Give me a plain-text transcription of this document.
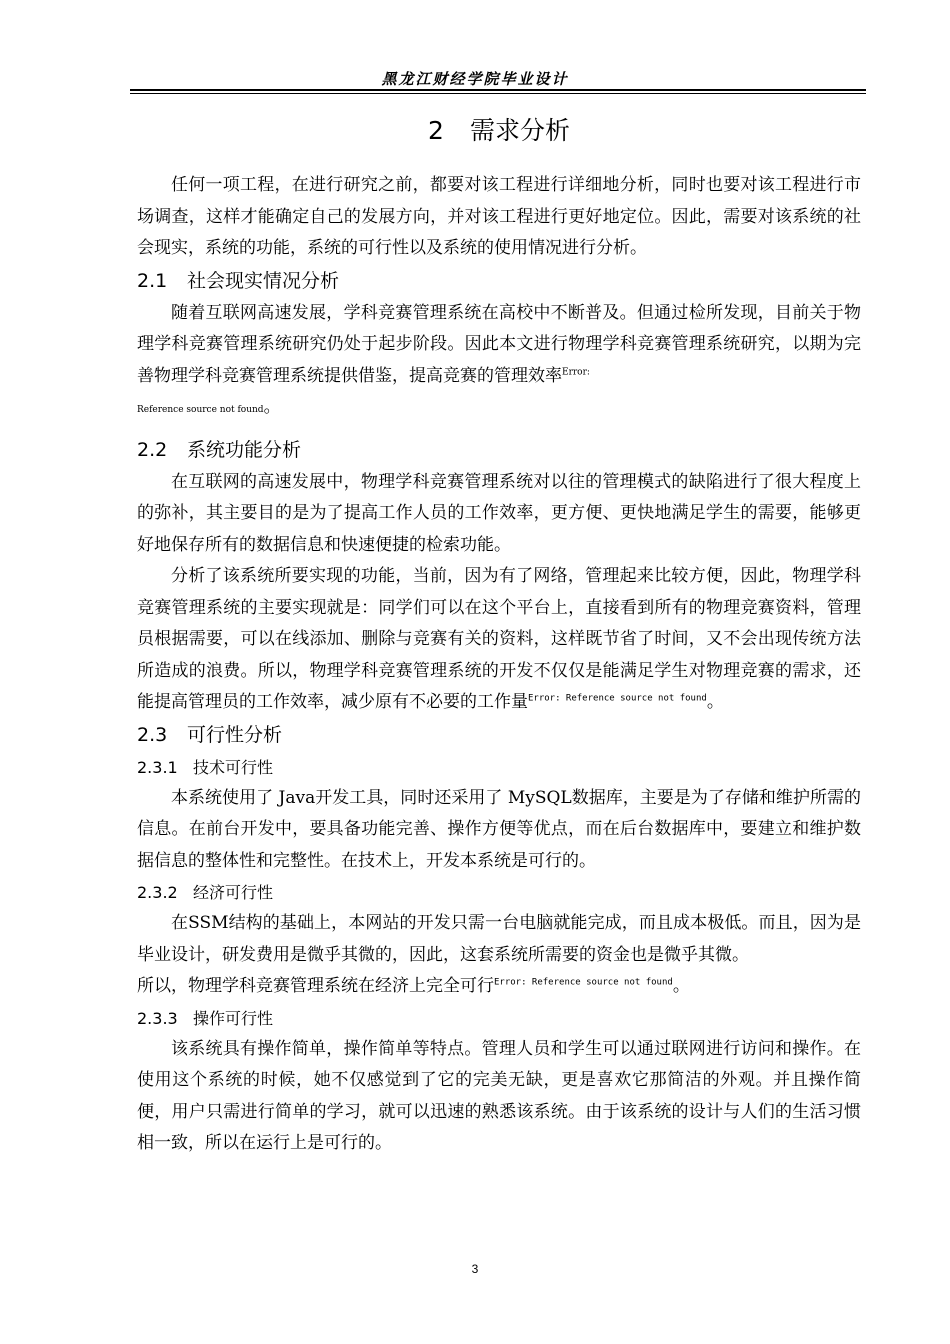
黑龙江财经学院毕业设计
2 需求分析

任何一项工程，在进行研究之前，都要对该工程进行详细地分析，同时也要对该工程进行市场调查，这样才能确定自己的发展方向，并对该工程进行更好地定位。因此，需要对该系统的社会现实，系统的功能，系统的可行性以及系统的使用情况进行分析。

2.1 社会现实情况分析

随着互联网高速发展，学科竞赛管理系统在高校中不断普及。但通过检所发现，目前关于物理学科竞赛管理系统研究仍处于起步阶段。因此本文进行物理学科竞赛管理系统研究，以期为完善物理学科竞赛管理系统提供借鉴，提高竞赛的管理效率$^{Error:}$
Reference source not found。

2.2 系统功能分析

在互联网的高速发展中，物理学科竞赛管理系统对以往的管理模式的缺陷进行了很大程度上的弥补，其主要目的是为了提高工作人员的工作效率，更方便、更快地满足学生的需要，能够更好地保存所有的数据信息和快速便捷的检索功能。

分析了该系统所要实现的功能，当前，因为有了网络，管理起来比较方便，因此，物理学科竞赛管理系统的主要实现就是：同学们可以在这个平台上，直接看到所有的物理竞赛资料，管理员根据需要，可以在线添加、删除与竞赛有关的资料，这样既节省了时间，又不会出现传统方法所造成的浪费。所以，物理学科竞赛管理系统的开发不仅仅是能满足学生对物理竞赛的需求，还能提高管理员的工作效率，减少原有不必要的工作量$^{Error: Reference source not found}$。

2.3 可行性分析
2.3.1 技术可行性

本系统使用了 Java开发工具，同时还采用了 MySQL数据库，主要是为了存储和维护所需的信息。在前台开发中，要具备功能完善、操作方便等优点，而在后台数据库中，要建立和维护数据信息的整体性和完整性。在技术上，开发本系统是可行的。

2.3.2 经济可行性

在SSM结构的基础上，本网站的开发只需一台电脑就能完成，而且成本极低。而且，因为是毕业设计，研发费用是微乎其微的，因此，这套系统所需要的资金也是微乎其微。

所以，物理学科竞赛管理系统在经济上完全可行$^{Error: Reference source not found}$。

2.3.3 操作可行性

该系统具有操作简单，操作简单等特点。管理人员和学生可以通过联网进行访问和操作。在使用这个系统的时候，她不仅感觉到了它的完美无缺，更是喜欢它那简洁的外观。并且操作简便，用户只需进行简单的学习，就可以迅速的熟悉该系统。由于该系统的设计与人们的生活习惯相一致，所以在运行上是可行的。

3
